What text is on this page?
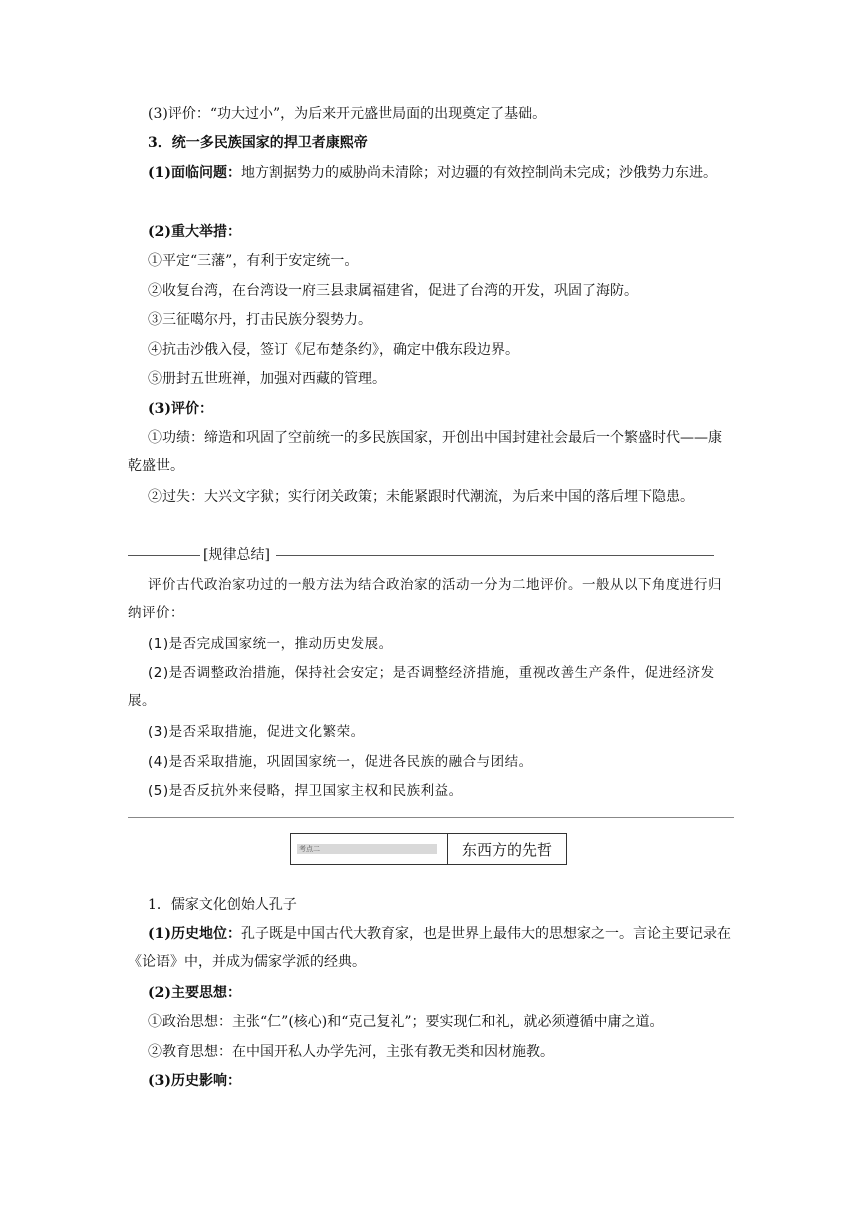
(3)评价：“功大过小”，为后来开元盛世局面的出现奠定了基础。
3．统一多民族国家的捍卫者康熙帝
(1)面临问题：地方割据势力的威胁尚未清除；对边疆的有效控制尚未完成；沙俄势力东进。
(2)重大举措：
①平定“三藩”，有利于安定统一。
②收复台湾，在台湾设一府三县隶属福建省，促进了台湾的开发，巩固了海防。
③三征噶尔丹，打击民族分裂势力。
④抗击沙俄入侵，签订《尼布楚条约》，确定中俄东段边界。
⑤册封五世班禅，加强对西藏的管理。
(3)评价：
①功绩：缔造和巩固了空前统一的多民族国家，开创出中国封建社会最后一个繁盛时代——康乾盛世。
②过失：大兴文字狱；实行闭关政策；未能紧跟时代潮流，为后来中国的落后埋下隐患。
[规律总结]
评价古代政治家功过的一般方法为结合政治家的活动一分为二地评价。一般从以下角度进行归纳评价：
(1)是否完成国家统一，推动历史发展。
(2)是否调整政治措施，保持社会安定；是否调整经济措施，重视改善生产条件，促进经济发展。
(3)是否采取措施，促进文化繁荣。
(4)是否采取措施，巩固国家统一，促进各民族的融合与团结。
(5)是否反抗外来侵略，捍卫国家主权和民族利益。
考点二	东西方的先哲
1．儒家文化创始人孔子
(1)历史地位：孔子既是中国古代大教育家，也是世界上最伟大的思想家之一。言论主要记录在《论语》中，并成为儒家学派的经典。
(2)主要思想：
①政治思想：主张“仁”(核心)和“克己复礼”；要实现仁和礼，就必须遵循中庸之道。
②教育思想：在中国开私人办学先河，主张有教无类和因材施教。
(3)历史影响：
